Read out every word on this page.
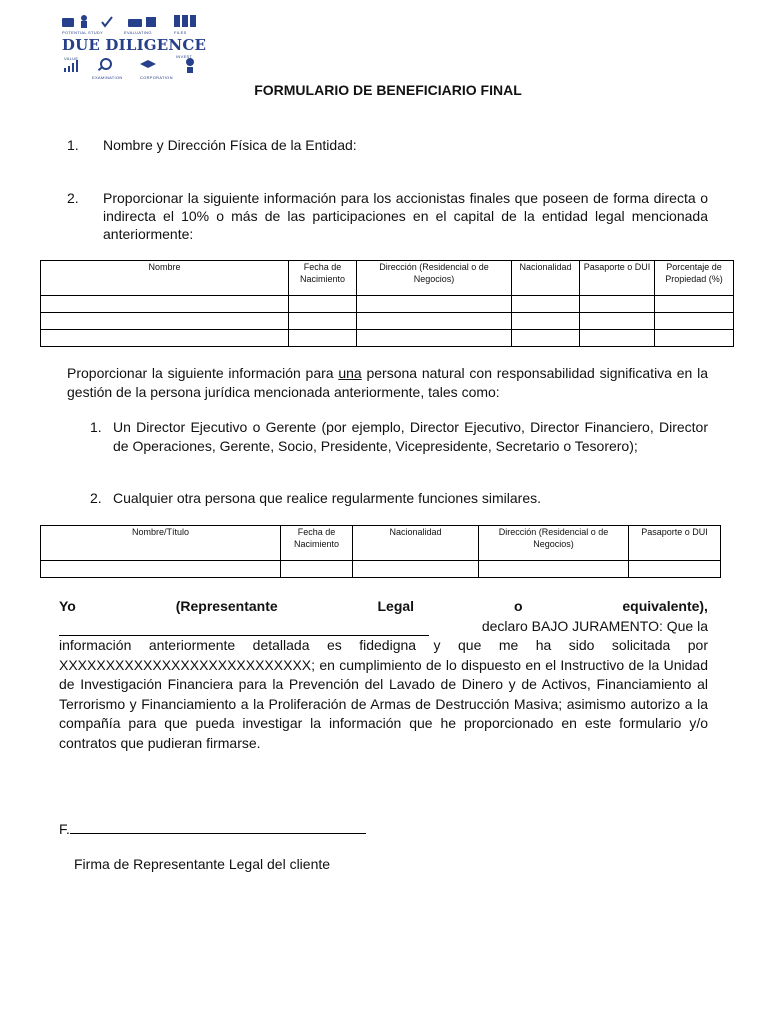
POTENTIAL STUDY	EVALUATING	FILES
DUE DILIGENCE
VALUE	INVEST
EXAMINATION	CORPORATION
FORMULARIO DE BENEFICIARIO FINAL
1. Nombre y Dirección Física de la Entidad:
2. Proporcionar la siguiente información para los accionistas finales que poseen de forma directa o indirecta el 10% o más de las participaciones en el capital de la entidad legal mencionada anteriormente:
Nombre	Fecha de Nacimiento	Dirección (Residencial o de Negocios)	Nacionalidad	Pasaporte o DUI	Porcentaje de Propiedad (%)

Proporcionar la siguiente información para una persona natural con responsabilidad significativa en la gestión de la persona jurídica mencionada anteriormente, tales como:
1. Un Director Ejecutivo o Gerente (por ejemplo, Director Ejecutivo, Director Financiero, Director de Operaciones, Gerente, Socio, Presidente, Vicepresidente, Secretario o Tesorero);
2. Cualquier otra persona que realice regularmente funciones similares.
Nombre/Título	Fecha de Nacimiento	Nacionalidad	Dirección (Residencial o de Negocios)	Pasaporte o DUI

Yo	(Representante	Legal	o	equivalente),
declaro BAJO JURAMENTO: Que la
información anteriormente detallada es fidedigna y que me ha sido solicitada por XXXXXXXXXXXXXXXXXXXXXXXXXXX; en cumplimiento de lo dispuesto en el Instructivo de la Unidad de Investigación Financiera para la Prevención del Lavado de Dinero y de Activos, Financiamiento al Terrorismo y Financiamiento a la Proliferación de Armas de Destrucción Masiva; asimismo autorizo a la compañía para que pueda investigar la información que he proporcionado en este formulario y/o contratos que pudieran firmarse.
F.
Firma de Representante Legal del cliente
